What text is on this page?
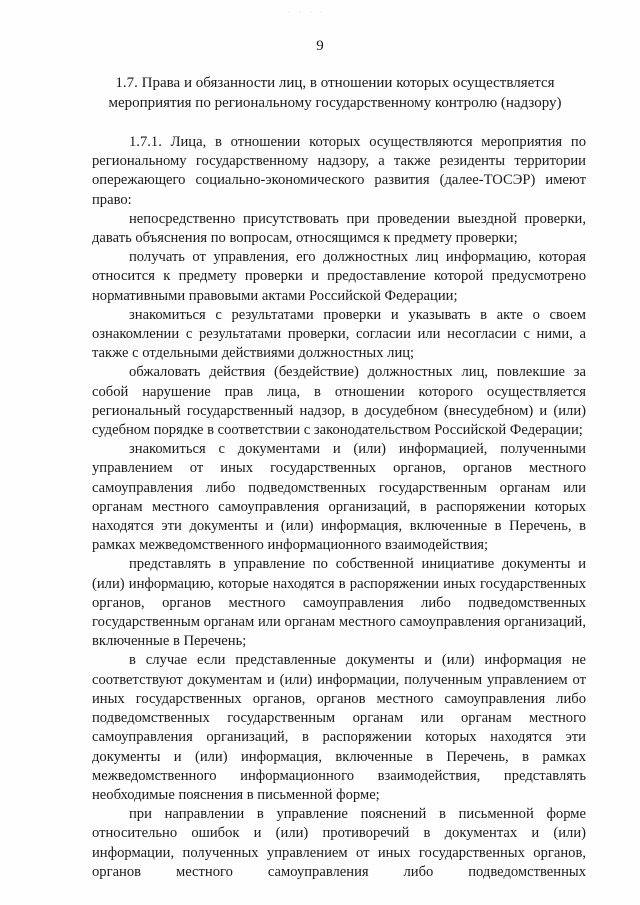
· · · ·
9
1.7. Права и обязанности лиц, в отношении которых осуществляется
мероприятия по региональному государственному контролю (надзору)

1.7.1. Лица, в отношении которых осуществляются мероприятия по региональному государственному надзору, а также резиденты территории опережающего социально-экономического развития (далее-ТОСЭР) имеют право:

непосредственно присутствовать при проведении выездной проверки, давать объяснения по вопросам, относящимся к предмету проверки;

получать от управления, его должностных лиц информацию, которая относится к предмету проверки и предоставление которой предусмотрено нормативными правовыми актами Российской Федерации;

знакомиться с результатами проверки и указывать в акте о своем ознакомлении с результатами проверки, согласии или несогласии с ними, а также с отдельными действиями должностных лиц;

обжаловать действия (бездействие) должностных лиц, повлекшие за собой нарушение прав лица, в отношении которого осуществляется региональный государственный надзор, в досудебном (внесудебном) и (или) судебном порядке в соответствии с законодательством Российской Федерации;

знакомиться с документами и (или) информацией, полученными управлением от иных государственных органов, органов местного самоуправления либо подведомственных государственным органам или органам местного самоуправления организаций, в распоряжении которых находятся эти документы и (или) информация, включенные в Перечень, в рамках межведомственного информационного взаимодействия;

представлять в управление по собственной инициативе документы и (или) информацию, которые находятся в распоряжении иных государственных органов, органов местного самоуправления либо подведомственных государственным органам или органам местного самоуправления организаций, включенные в Перечень;

в случае если представленные документы и (или) информация не соответствуют документам и (или) информации, полученным управлением от иных государственных органов, органов местного самоуправления либо подведомственных государственным органам или органам местного самоуправления организаций, в распоряжении которых находятся эти документы и (или) информация, включенные в Перечень, в рамках межведомственного информационного взаимодействия, представлять необходимые пояснения в письменной форме;

при направлении в управление пояснений в письменной форме относительно ошибок и (или) противоречий в документах и (или) информации, полученных управлением от иных государственных органов, органов местного самоуправления либо подведомственных
